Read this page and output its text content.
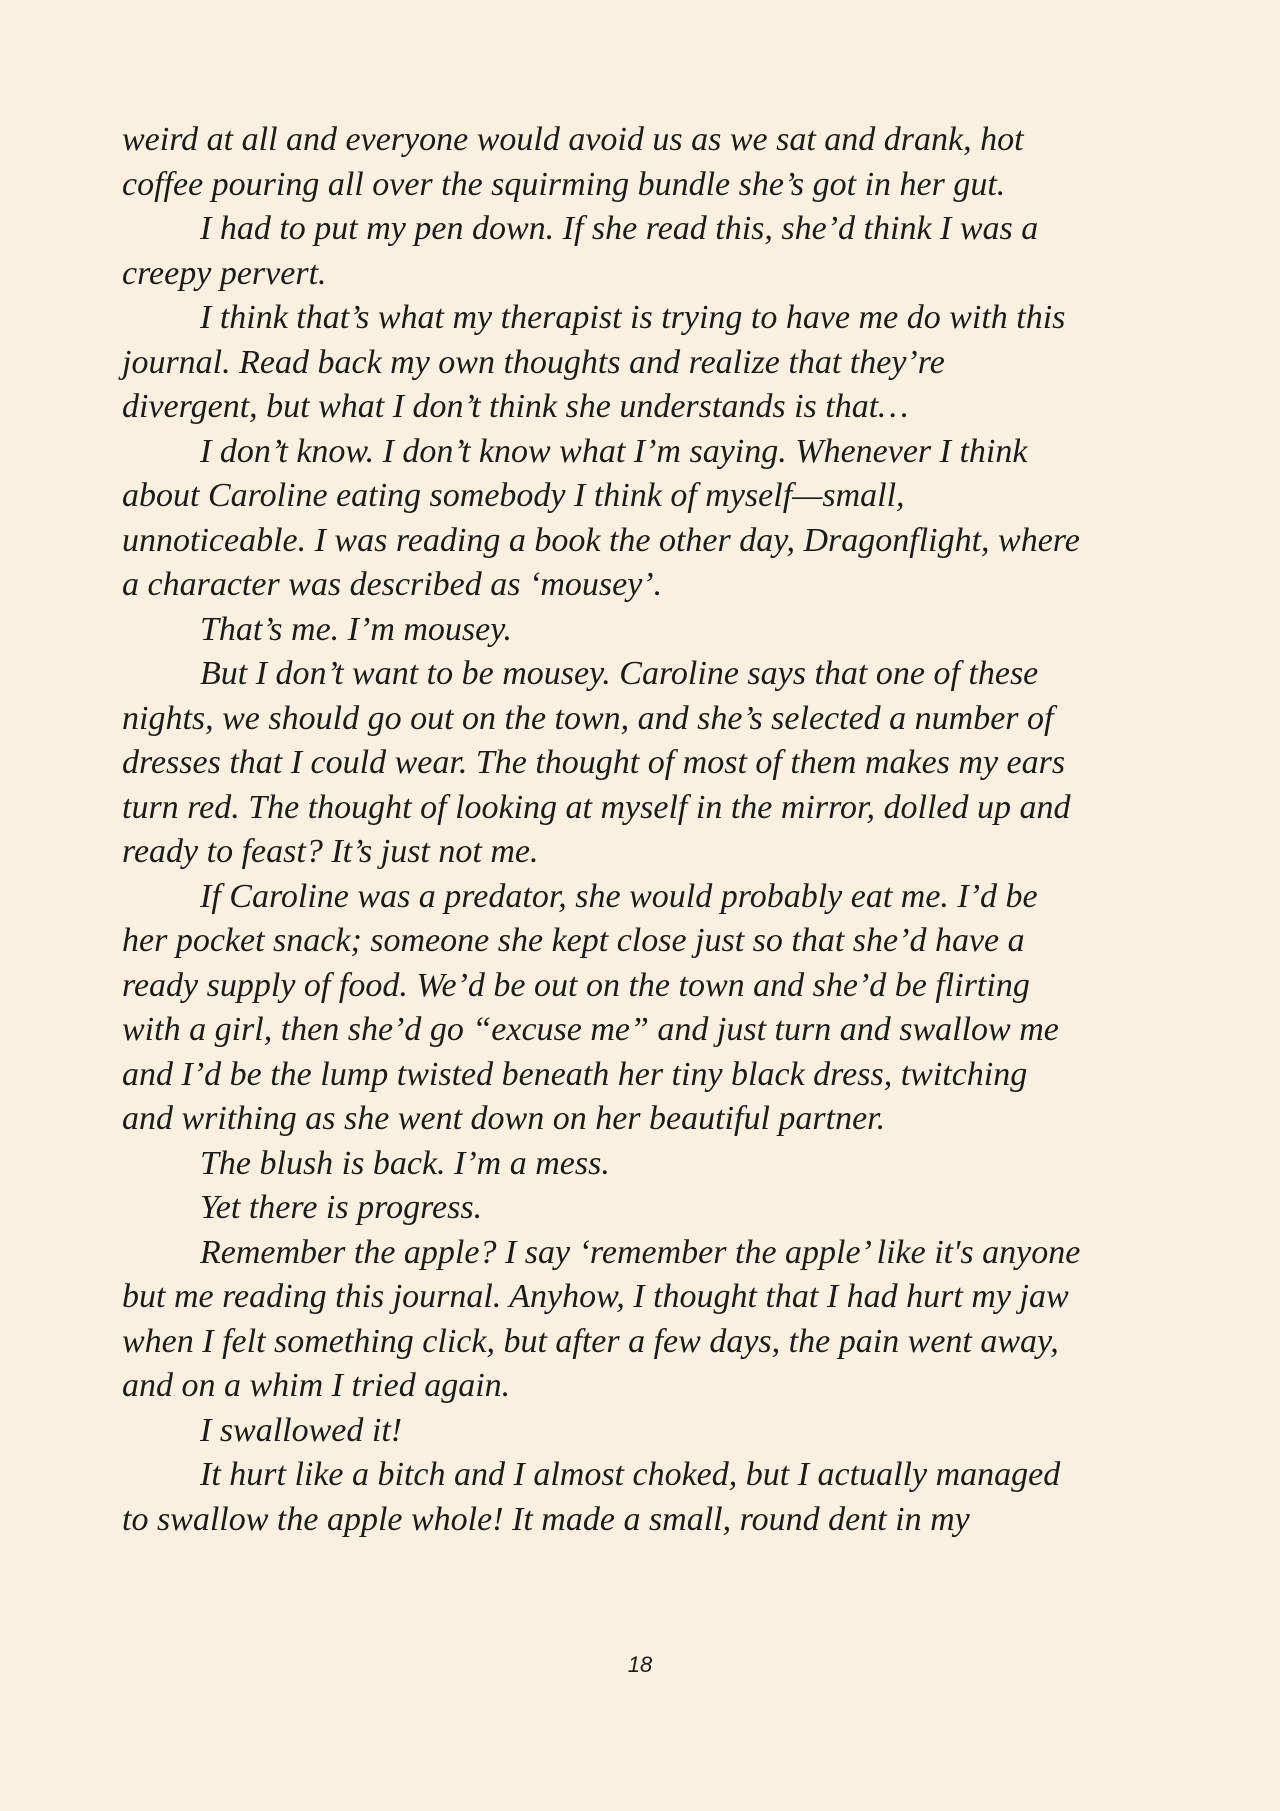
weird at all and everyone would avoid us as we sat and drank, hot
coffee pouring all over the squirming bundle she’s got in her gut.

I had to put my pen down. If she read this, she’d think I was a
creepy pervert.

I think that’s what my therapist is trying to have me do with this
journal. Read back my own thoughts and realize that they’re
divergent, but what I don’t think she understands is that…

I don’t know. I don’t know what I’m saying. Whenever I think
about Caroline eating somebody I think of myself—small,
unnoticeable. I was reading a book the other day, Dragonflight, where
a character was described as ‘mousey’.

That’s me. I’m mousey.

But I don’t want to be mousey. Caroline says that one of these
nights, we should go out on the town, and she’s selected a number of
dresses that I could wear. The thought of most of them makes my ears
turn red. The thought of looking at myself in the mirror, dolled up and
ready to feast? It’s just not me.

If Caroline was a predator, she would probably eat me. I’d be
her pocket snack; someone she kept close just so that she’d have a
ready supply of food. We’d be out on the town and she’d be flirting
with a girl, then she’d go “excuse me” and just turn and swallow me
and I’d be the lump twisted beneath her tiny black dress, twitching
and writhing as she went down on her beautiful partner.

The blush is back. I’m a mess.

Yet there is progress.

Remember the apple? I say ‘remember the apple’ like it's anyone
but me reading this journal. Anyhow, I thought that I had hurt my jaw
when I felt something click, but after a few days, the pain went away,
and on a whim I tried again.

I swallowed it!

It hurt like a bitch and I almost choked, but I actually managed
to swallow the apple whole! It made a small, round dent in my

18
